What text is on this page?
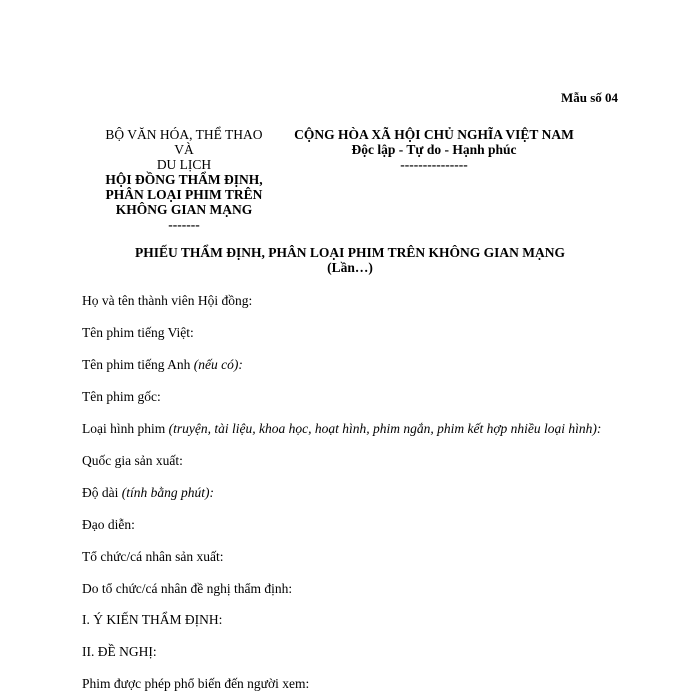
Mẫu số 04
BỘ VĂN HÓA, THỂ THAO
VÀ
DU LỊCH
HỘI ĐỒNG THẨM ĐỊNH,
PHÂN LOẠI PHIM TRÊN
KHÔNG GIAN MẠNG
-------
CỘNG HÒA XÃ HỘI CHỦ NGHĨA VIỆT NAM
Độc lập - Tự do - Hạnh phúc
---------------
PHIẾU THẨM ĐỊNH, PHÂN LOẠI PHIM TRÊN KHÔNG GIAN MẠNG
(Lần…)
Họ và tên thành viên Hội đồng:
Tên phim tiếng Việt:
Tên phim tiếng Anh (nếu có):
Tên phim gốc:
Loại hình phim (truyện, tài liệu, khoa học, hoạt hình, phim ngắn, phim kết hợp nhiều loại hình):
Quốc gia sản xuất:
Độ dài (tính bằng phút):
Đạo diễn:
Tổ chức/cá nhân sản xuất:
Do tổ chức/cá nhân đề nghị thẩm định:
I. Ý KIẾN THẨM ĐỊNH:
II. ĐỀ NGHỊ:
Phim được phép phổ biến đến người xem:
